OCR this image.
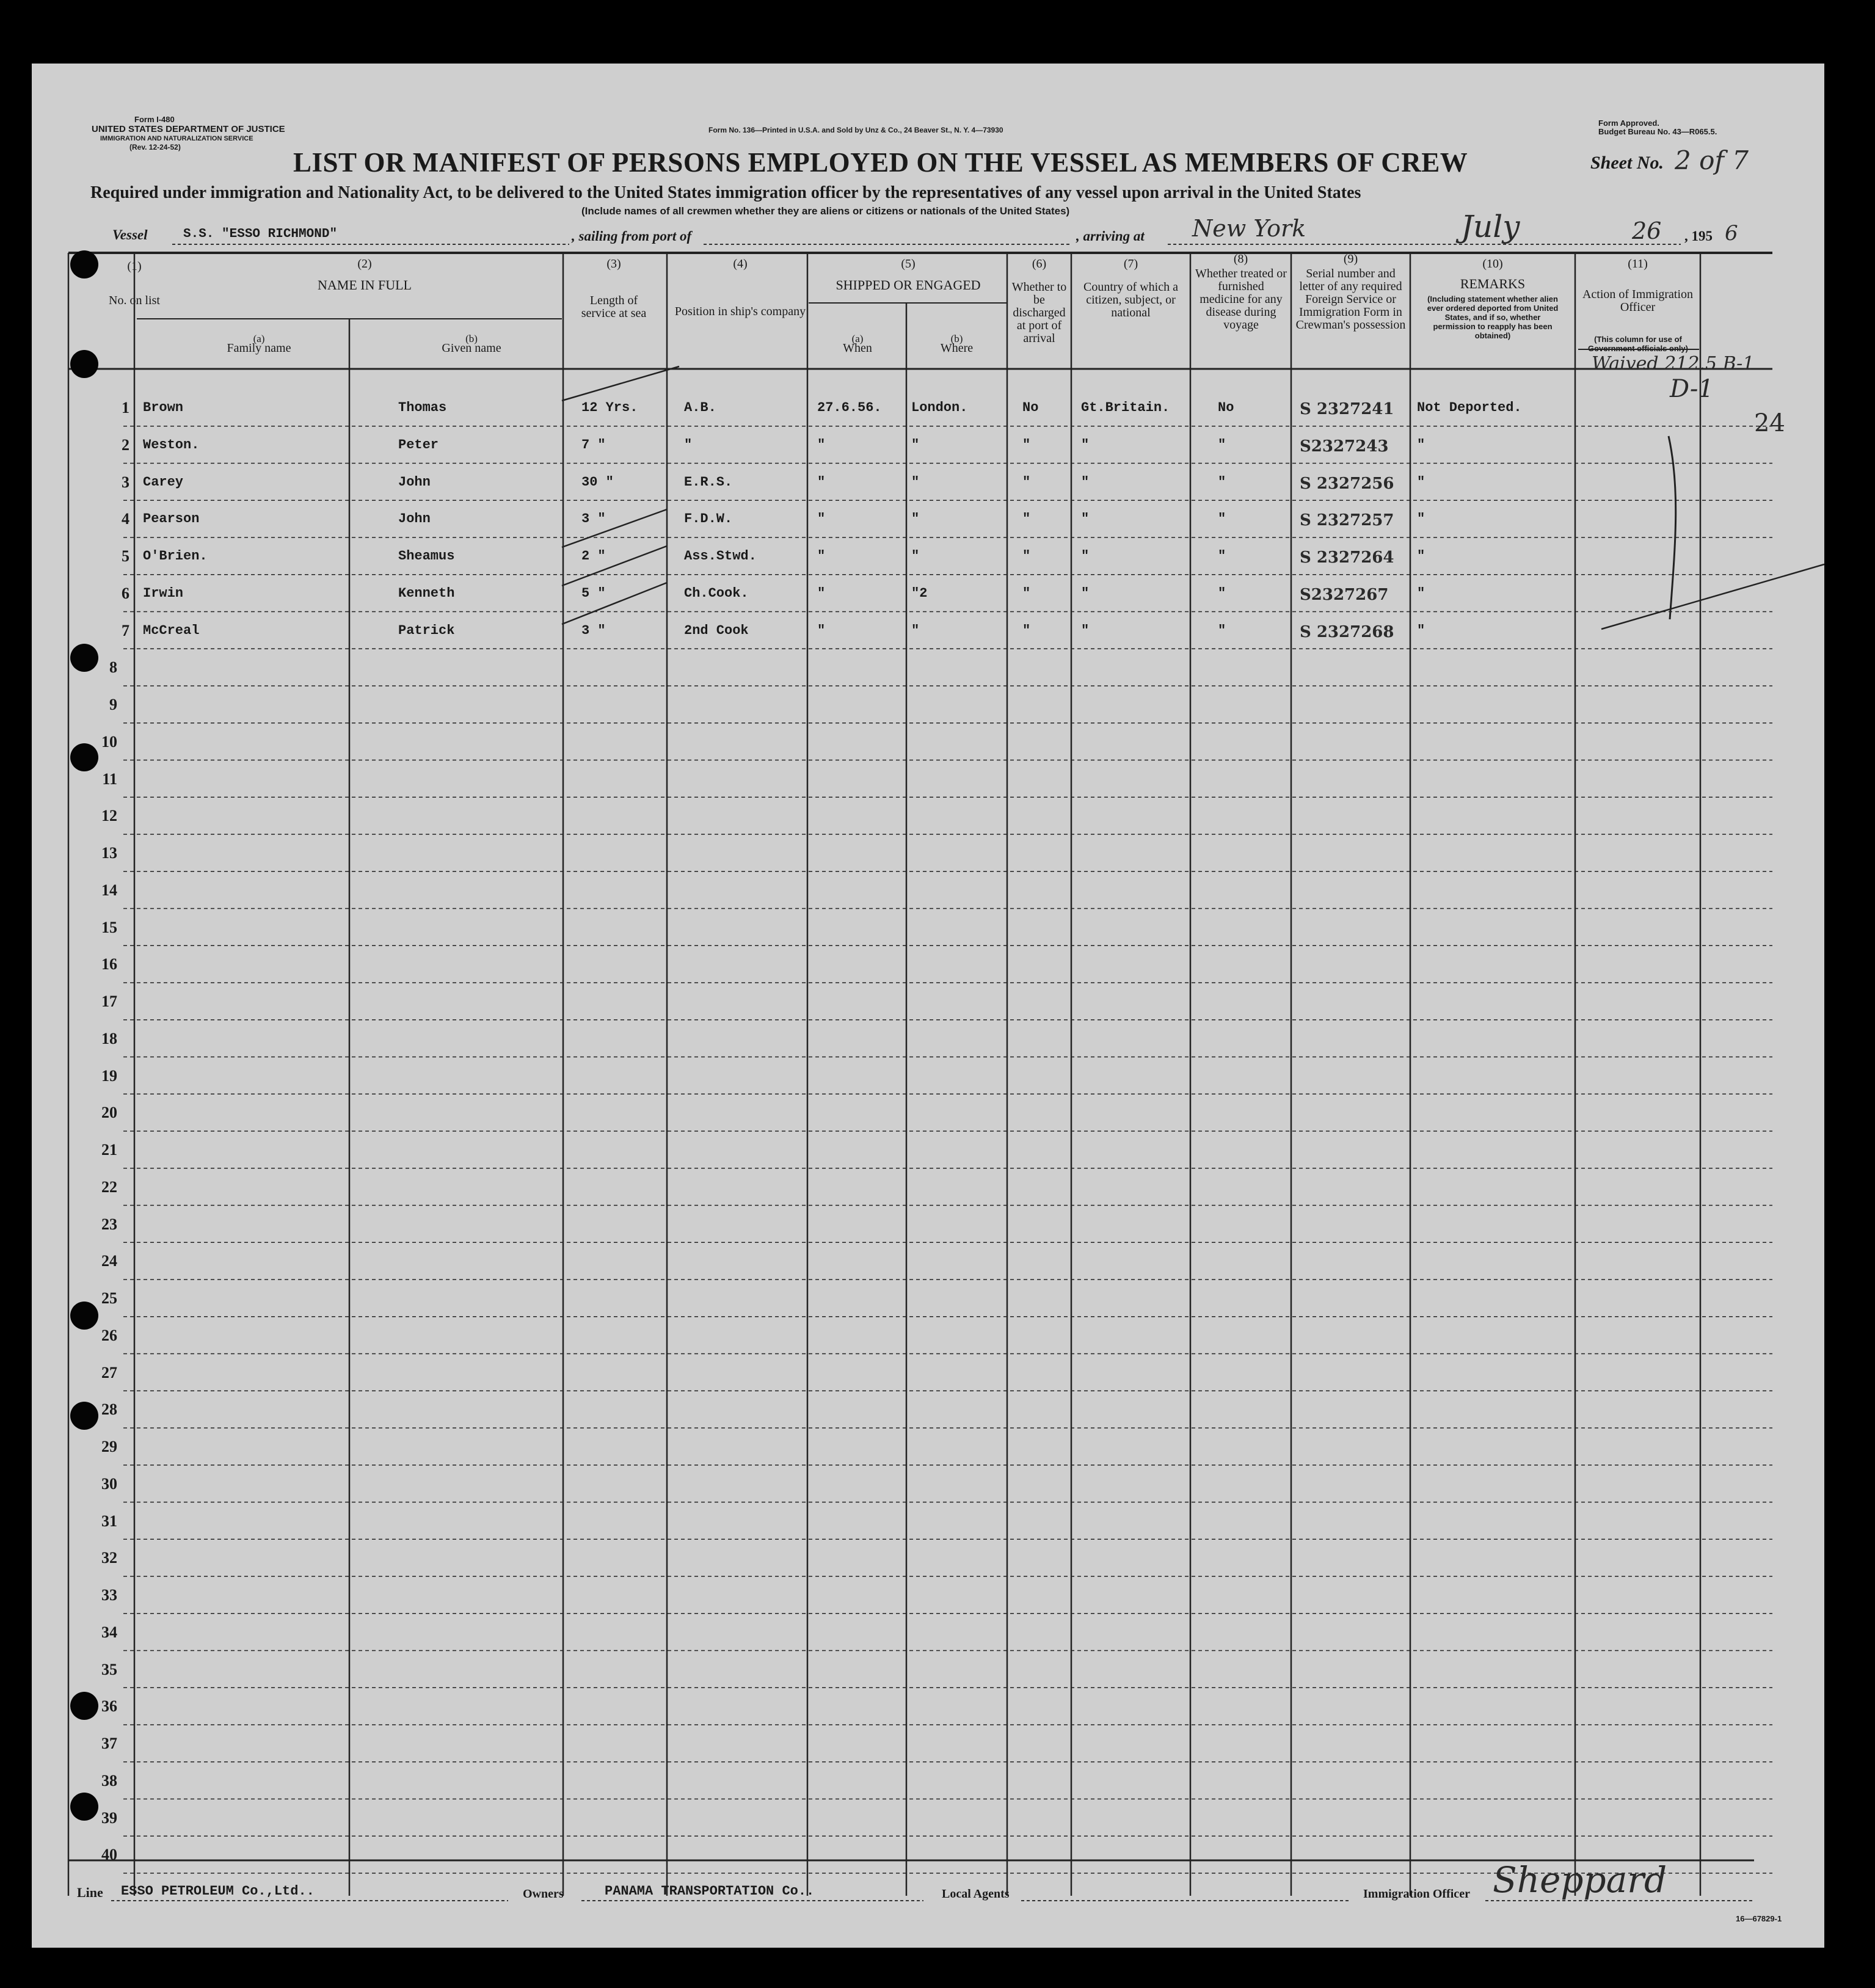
Form I-480
UNITED STATES DEPARTMENT OF JUSTICE
IMMIGRATION AND NATURALIZATION SERVICE
(Rev. 12-24-52)
Form No. 136—Printed in U.S.A. and Sold by Unz & Co., 24 Beaver St., N. Y. 4—73930
Form Approved.
Budget Bureau No. 43—R065.5.
LIST OR MANIFEST OF PERSONS EMPLOYED ON THE VESSEL AS MEMBERS OF CREW	Sheet No. 2 of 7
Required under immigration and Nationality Act, to be delivered to the United States immigration officer by the representatives of any vessel upon arrival in the United States
(Include names of all crewmen whether they are aliens or citizens or nationals of the United States)
Vessel	S.S. "ESSO RICHMOND"	, sailing from port of	, arriving at New York	July	26 , 195 6
(1)
No. on list
(2)
NAME IN FULL
(a)
Family name
(b)
Given name
(3)
Length of service at sea
(4)
Position in ship's company
(5)
SHIPPED OR ENGAGED
(a)
When
(b)
Where
(6)
Whether to be discharged at port of arrival
(7)
Country of which a citizen, subject, or national
(8)
Whether treated or furnished medicine for any disease during voyage
(9)
Serial number and letter of any required Foreign Service or Immigration Form in Crewman's possession
(10)
REMARKS
(Including statement whether alien ever ordered deported from United States, and if so, whether permission to reapply has been obtained)
(11)
Action of Immigration Officer
(This column for use of Government officials only)
1 Brown	Thomas	12 Yrs.	A.B.	27.6.56. London.	No	Gt.Britain.	No	S 2327241 Not Deported.
2 Weston.	Peter	7 "	"	"	"	"	"	"	S2327243 "
3 Carey	John	30 "	E.R.S.	"	"	"	"	"	S 2327256 "
4 Pearson	John	3 "	F.D.W.	"	"	"	"	"	S 2327257 "
5 O'Brien.	Sheamus	2 "	Ass.Stwd.	"	"	"	"	"	S 2327264 "
6 Irwin	Kenneth	5 "	Ch.Cook.	"	"2	"	"	"	S2327267 "
7 McCreal	Patrick	3 "	2nd Cook	"	"	"	"	"	S 2327268 "
8
9
10
11
12
13
14
15
16
17
18
19
20
21
22
23
24
25
26
27
28
29
30
31
32
33
34
35
36
37
38
39
40
Waived 212.5 B-1
D-1
24
Line ESSO PETROLEUM Co.,Ltd..	Owners	PANAMA TRANSPORTATION Co..	Local Agents	Immigration Officer Sheppard
16—67829-1
